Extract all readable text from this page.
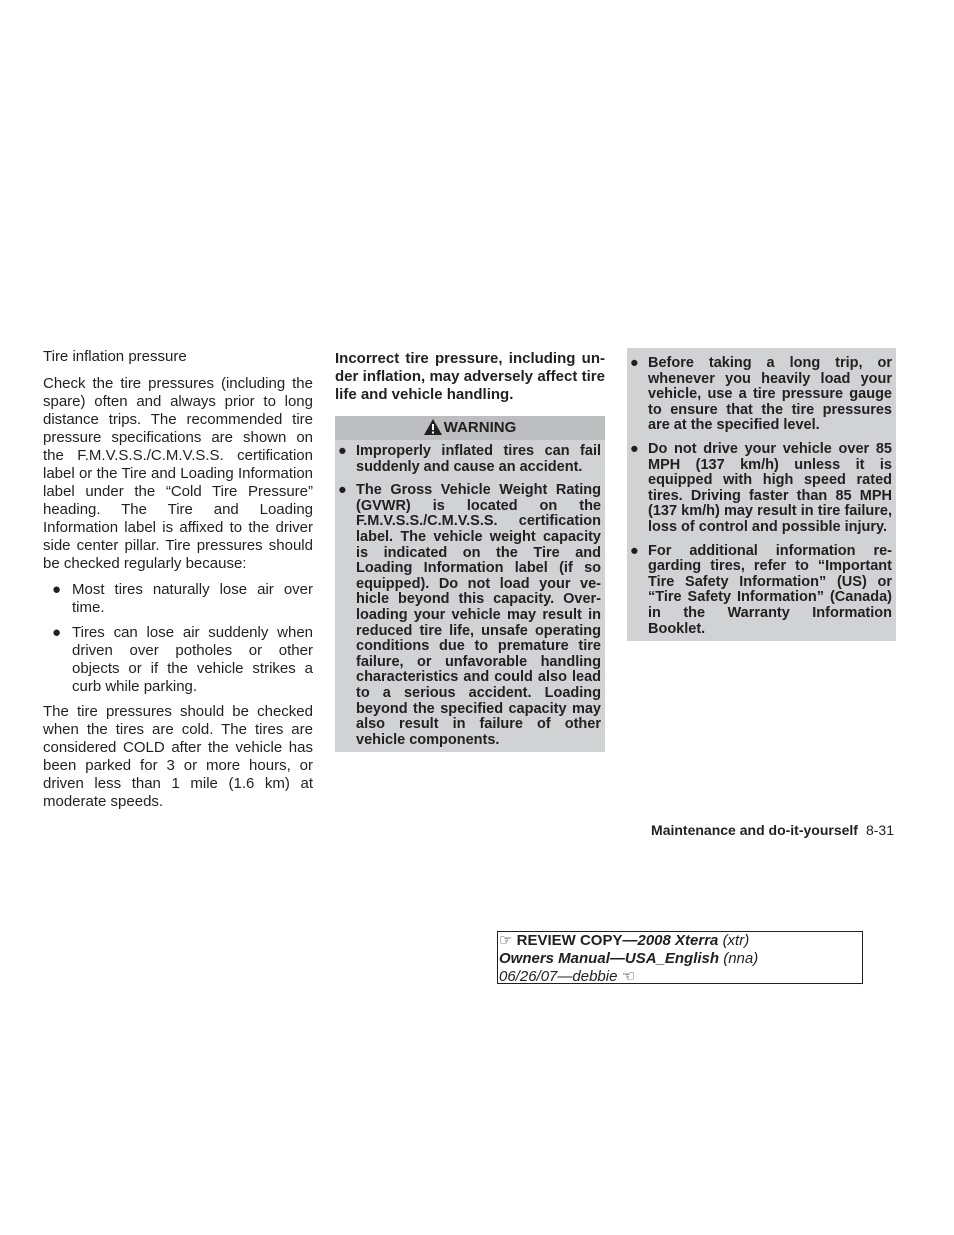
Tire inflation pressure

Check the tire pressures (including the spare) often and always prior to long distance trips. The recommended tire pressure specifications are shown on the F.M.V.S.S./C.M.V.S.S. certification label or the Tire and Loading Information label under the “Cold Tire Pressure” heading. The Tire and Loading Information label is affixed to the driver side center pillar. Tire pressures should be checked regularly because:

● Most tires naturally lose air over time.
● Tires can lose air suddenly when driven over potholes or other objects or if the vehicle strikes a curb while parking.

The tire pressures should be checked when the tires are cold. The tires are considered COLD after the vehicle has been parked for 3 or more hours, or driven less than 1 mile (1.6 km) at moderate speeds.

Incorrect tire pressure, including under inflation, may adversely affect tire life and vehicle handling.

WARNING
● Improperly inflated tires can fail suddenly and cause an accident.
● The Gross Vehicle Weight Rating (GVWR) is located on the F.M.V.S.S./C.M.V.S.S. certification label. The vehicle weight capacity is indicated on the Tire and Loading Information label (if so equipped). Do not load your vehicle beyond this capacity. Overloading your vehicle may result in reduced tire life, unsafe operating conditions due to premature tire failure, or unfavorable handling characteristics and could also lead to a serious accident. Loading beyond the specified capacity may also result in failure of other vehicle components.
● Before taking a long trip, or whenever you heavily load your vehicle, use a tire pressure gauge to ensure that the tire pressures are at the specified level.
● Do not drive your vehicle over 85 MPH (137 km/h) unless it is equipped with high speed rated tires. Driving faster than 85 MPH (137 km/h) may result in tire failure, loss of control and possible injury.
● For additional information regarding tires, refer to “Important Tire Safety Information” (US) or “Tire Safety Information” (Canada) in the Warranty Information Booklet.
Maintenance and do-it-yourself 8-31
☞ REVIEW COPY—2008 Xterra (xtr)
Owners Manual—USA_English (nna)
06/26/07—debbie ☜
